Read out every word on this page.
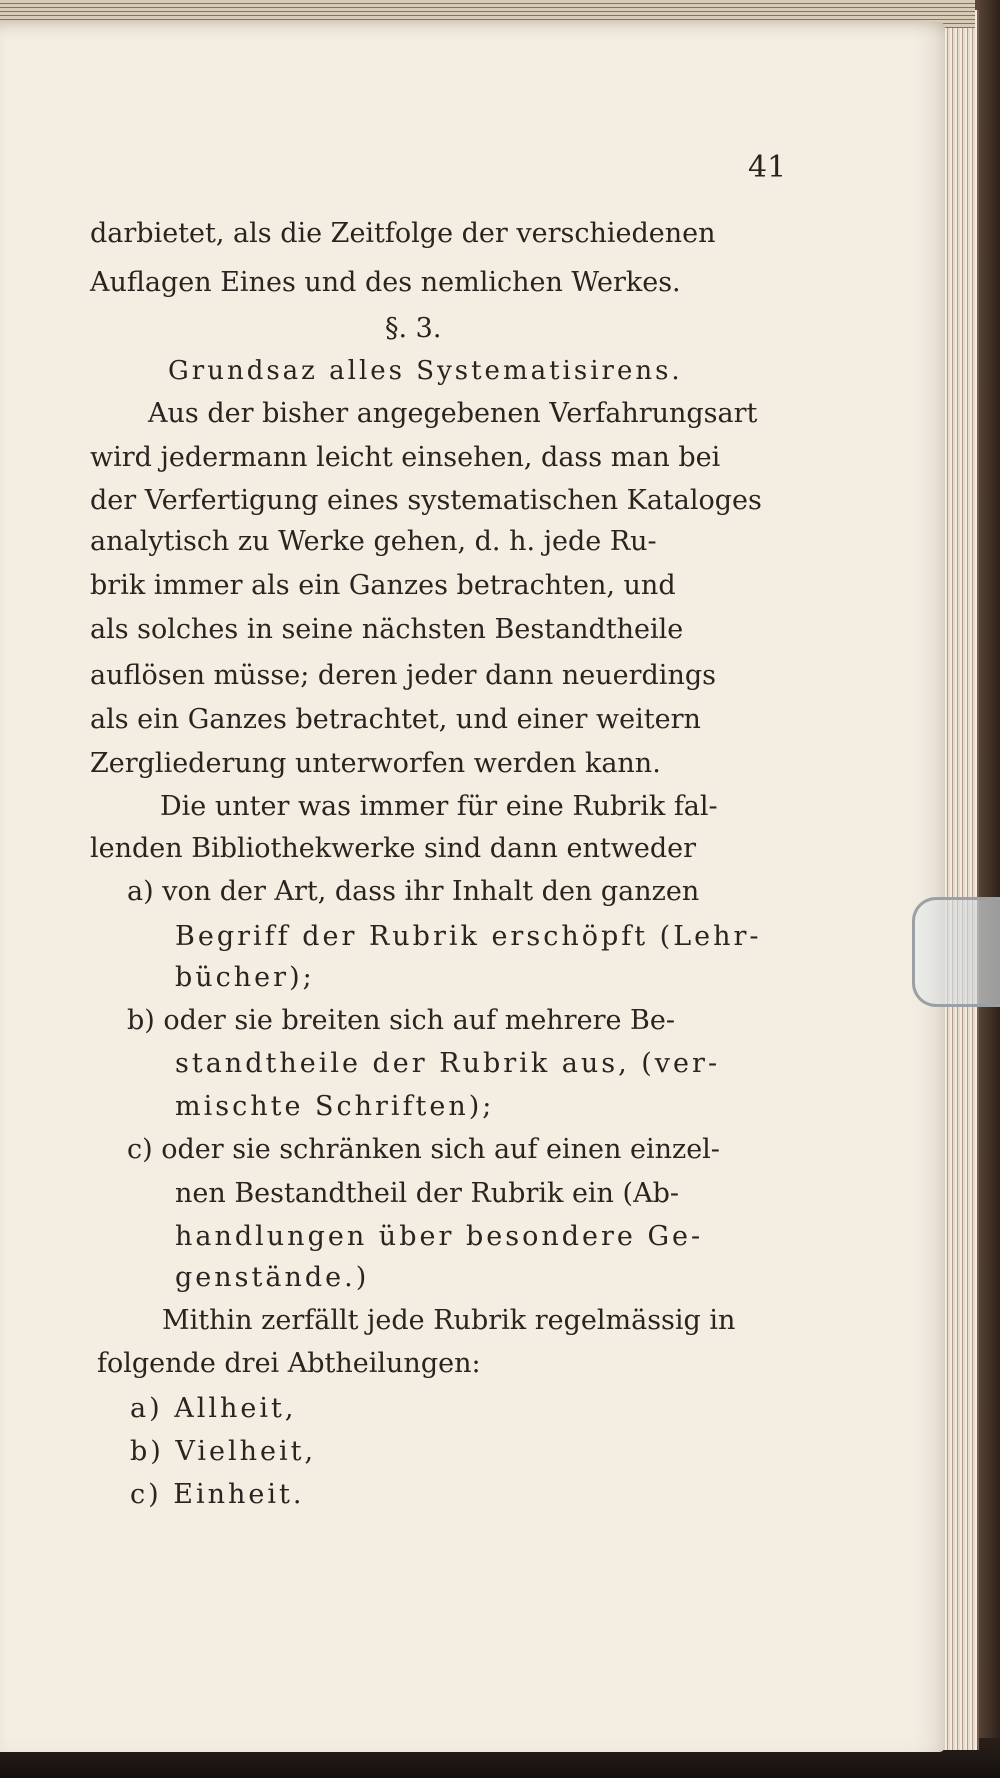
41
darbietet, als die Zeitfolge der verschiedenen
Auflagen Eines und des nemlichen Werkes.
§. 3.
Grundsaz alles Systematisirens.
Aus der bisher angegebenen Verfahrungsart
wird jedermann leicht einsehen, dass man bei
der Verfertigung eines systematischen Kataloges
analytisch zu Werke gehen, d. h. jede Ru-
brik immer als ein Ganzes betrachten, und
als solches in seine nächsten Bestandtheile
auflösen müsse; deren jeder dann neuerdings
als ein Ganzes betrachtet, und einer weitern
Zergliederung unterworfen werden kann.
Die unter was immer für eine Rubrik fal-
lenden Bibliothekwerke sind dann entweder
a) von der Art, dass ihr Inhalt den ganzen
Begriff der Rubrik erschöpft (Lehr-
bücher);
b) oder sie breiten sich auf mehrere Be-
standtheile der Rubrik aus, (ver-
mischte Schriften);
c) oder sie schränken sich auf einen einzel-
nen Bestandtheil der Rubrik ein (Ab-
handlungen über besondere Ge-
genstände.)
Mithin zerfällt jede Rubrik regelmässig in
folgende drei Abtheilungen:
a) Allheit,
b) Vielheit,
c) Einheit.
